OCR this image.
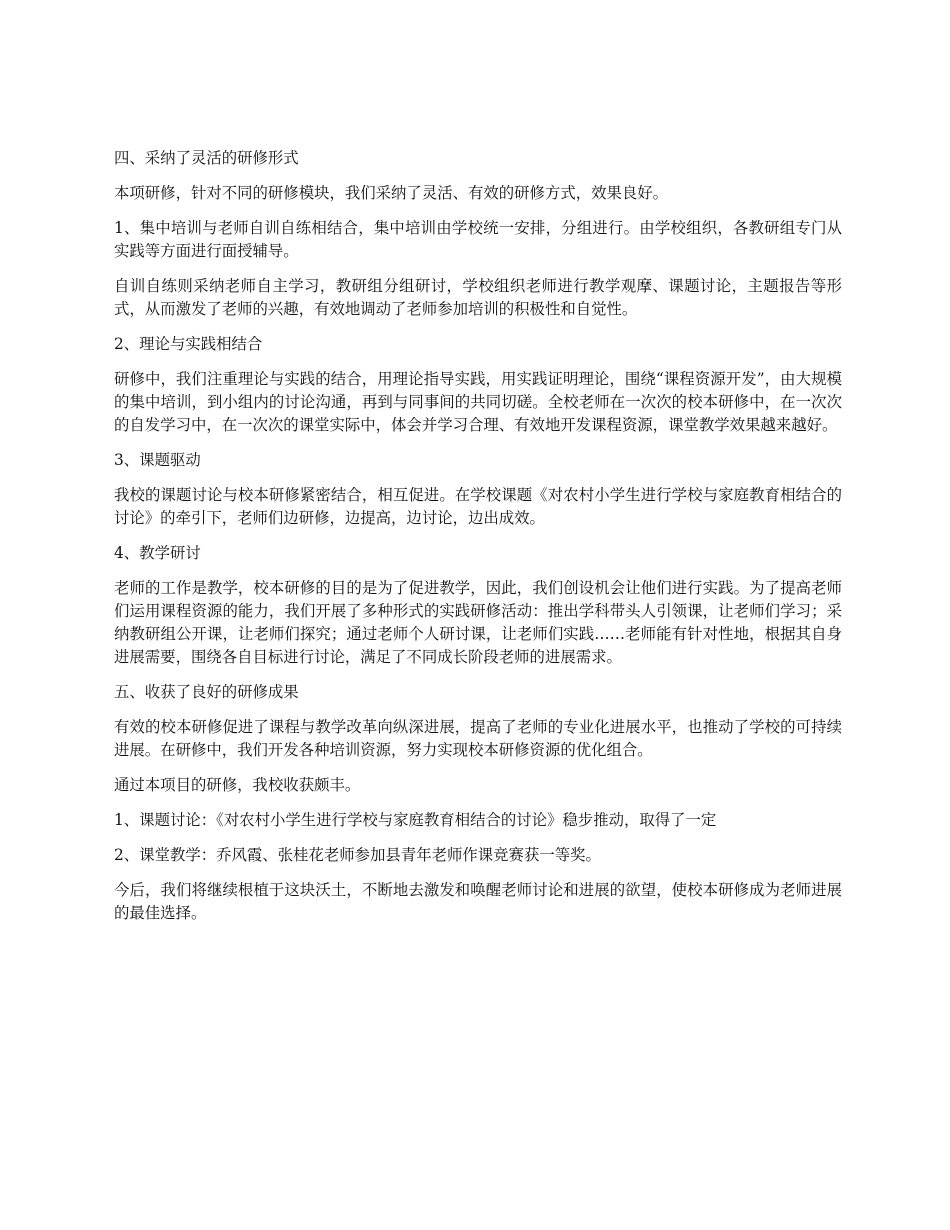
四、采纳了灵活的研修形式

本项研修，针对不同的研修模块，我们采纳了灵活、有效的研修方式，效果良好。

1、集中培训与老师自训自练相结合，集中培训由学校统一安排，分组进行。由学校组织，各教研组专门从实践等方面进行面授辅导。

自训自练则采纳老师自主学习，教研组分组研讨，学校组织老师进行教学观摩、课题讨论，主题报告等形式，从而激发了老师的兴趣，有效地调动了老师参加培训的积极性和自觉性。

2、理论与实践相结合

研修中，我们注重理论与实践的结合，用理论指导实践，用实践证明理论，围绕“课程资源开发”，由大规模的集中培训，到小组内的讨论沟通，再到与同事间的共同切磋。全校老师在一次次的校本研修中，在一次次的自发学习中，在一次次的课堂实际中，体会并学习合理、有效地开发课程资源，课堂教学效果越来越好。

3、课题驱动

我校的课题讨论与校本研修紧密结合，相互促进。在学校课题《对农村小学生进行学校与家庭教育相结合的讨论》的牵引下，老师们边研修，边提高，边讨论，边出成效。

4、教学研讨

老师的工作是教学，校本研修的目的是为了促进教学，因此，我们创设机会让他们进行实践。为了提高老师们运用课程资源的能力，我们开展了多种形式的实践研修活动：推出学科带头人引领课，让老师们学习；采纳教研组公开课，让老师们探究；通过老师个人研讨课，让老师们实践……老师能有针对性地，根据其自身进展需要，围绕各自目标进行讨论，满足了不同成长阶段老师的进展需求。

五、收获了良好的研修成果

有效的校本研修促进了课程与教学改革向纵深进展，提高了老师的专业化进展水平，也推动了学校的可持续进展。在研修中，我们开发各种培训资源，努力实现校本研修资源的优化组合。

通过本项目的研修，我校收获颇丰。

1、课题讨论：《对农村小学生进行学校与家庭教育相结合的讨论》稳步推动，取得了一定

2、课堂教学：乔风霞、张桂花老师参加县青年老师作课竞赛获一等奖。

今后，我们将继续根植于这块沃土，不断地去激发和唤醒老师讨论和进展的欲望，使校本研修成为老师进展的最佳选择。
